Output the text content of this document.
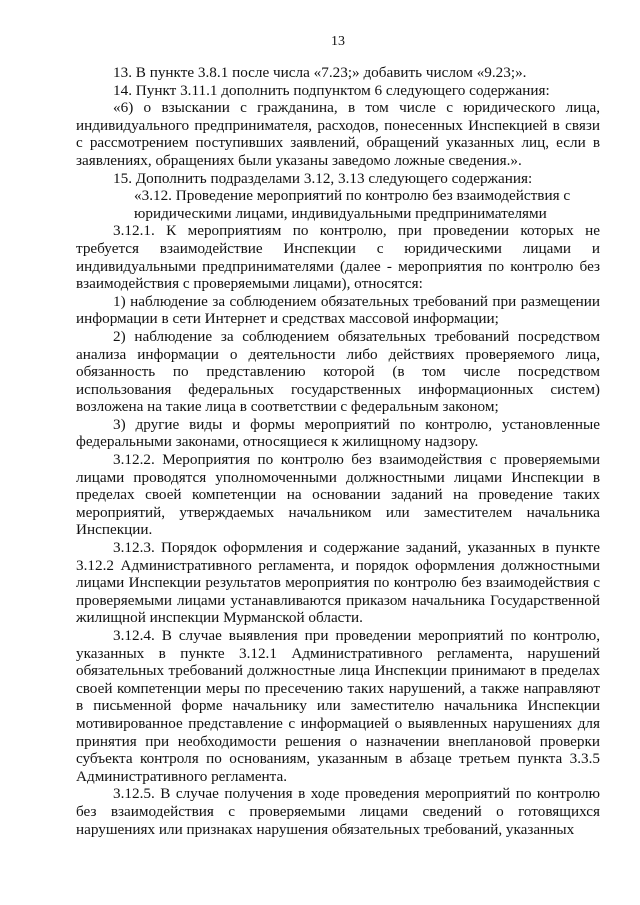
13

13. В пункте 3.8.1 после числа «7.23;» добавить числом «9.23;».

14. Пункт 3.11.1 дополнить подпунктом 6 следующего содержания:

«6) о взыскании с гражданина, в том числе с юридического лица, индивидуального предпринимателя, расходов, понесенных Инспекцией в связи с рассмотрением поступивших заявлений, обращений указанных лиц, если в заявлениях, обращениях были указаны заведомо ложные сведения.».

15. Дополнить подразделами 3.12, 3.13 следующего содержания:

«3.12. Проведение мероприятий по контролю без взаимодействия с юридическими лицами, индивидуальными предпринимателями

3.12.1. К мероприятиям по контролю, при проведении которых не требуется взаимодействие Инспекции с юридическими лицами и индивидуальными предпринимателями (далее - мероприятия по контролю без взаимодействия с проверяемыми лицами), относятся:

1) наблюдение за соблюдением обязательных требований при размещении информации в сети Интернет и средствах массовой информации;

2) наблюдение за соблюдением обязательных требований посредством анализа информации о деятельности либо действиях проверяемого лица, обязанность по представлению которой (в том числе посредством использования федеральных государственных информационных систем) возложена на такие лица в соответствии с федеральным законом;

3) другие виды и формы мероприятий по контролю, установленные федеральными законами, относящиеся к жилищному надзору.

3.12.2. Мероприятия по контролю без взаимодействия с проверяемыми лицами проводятся уполномоченными должностными лицами Инспекции в пределах своей компетенции на основании заданий на проведение таких мероприятий, утверждаемых начальником или заместителем начальника Инспекции.

3.12.3. Порядок оформления и содержание заданий, указанных в пункте 3.12.2 Административного регламента, и порядок оформления должностными лицами Инспекции результатов мероприятия по контролю без взаимодействия с проверяемыми лицами устанавливаются приказом начальника Государственной жилищной инспекции Мурманской области.

3.12.4. В случае выявления при проведении мероприятий по контролю, указанных в пункте 3.12.1 Административного регламента, нарушений обязательных требований должностные лица Инспекции принимают в пределах своей компетенции меры по пресечению таких нарушений, а также направляют в письменной форме начальнику или заместителю начальника Инспекции мотивированное представление с информацией о выявленных нарушениях для принятия при необходимости решения о назначении внеплановой проверки субъекта контроля по основаниям, указанным в абзаце третьем пункта 3.3.5 Административного регламента.

3.12.5. В случае получения в ходе проведения мероприятий по контролю без взаимодействия с проверяемыми лицами сведений о готовящихся нарушениях или признаках нарушения обязательных требований, указанных
